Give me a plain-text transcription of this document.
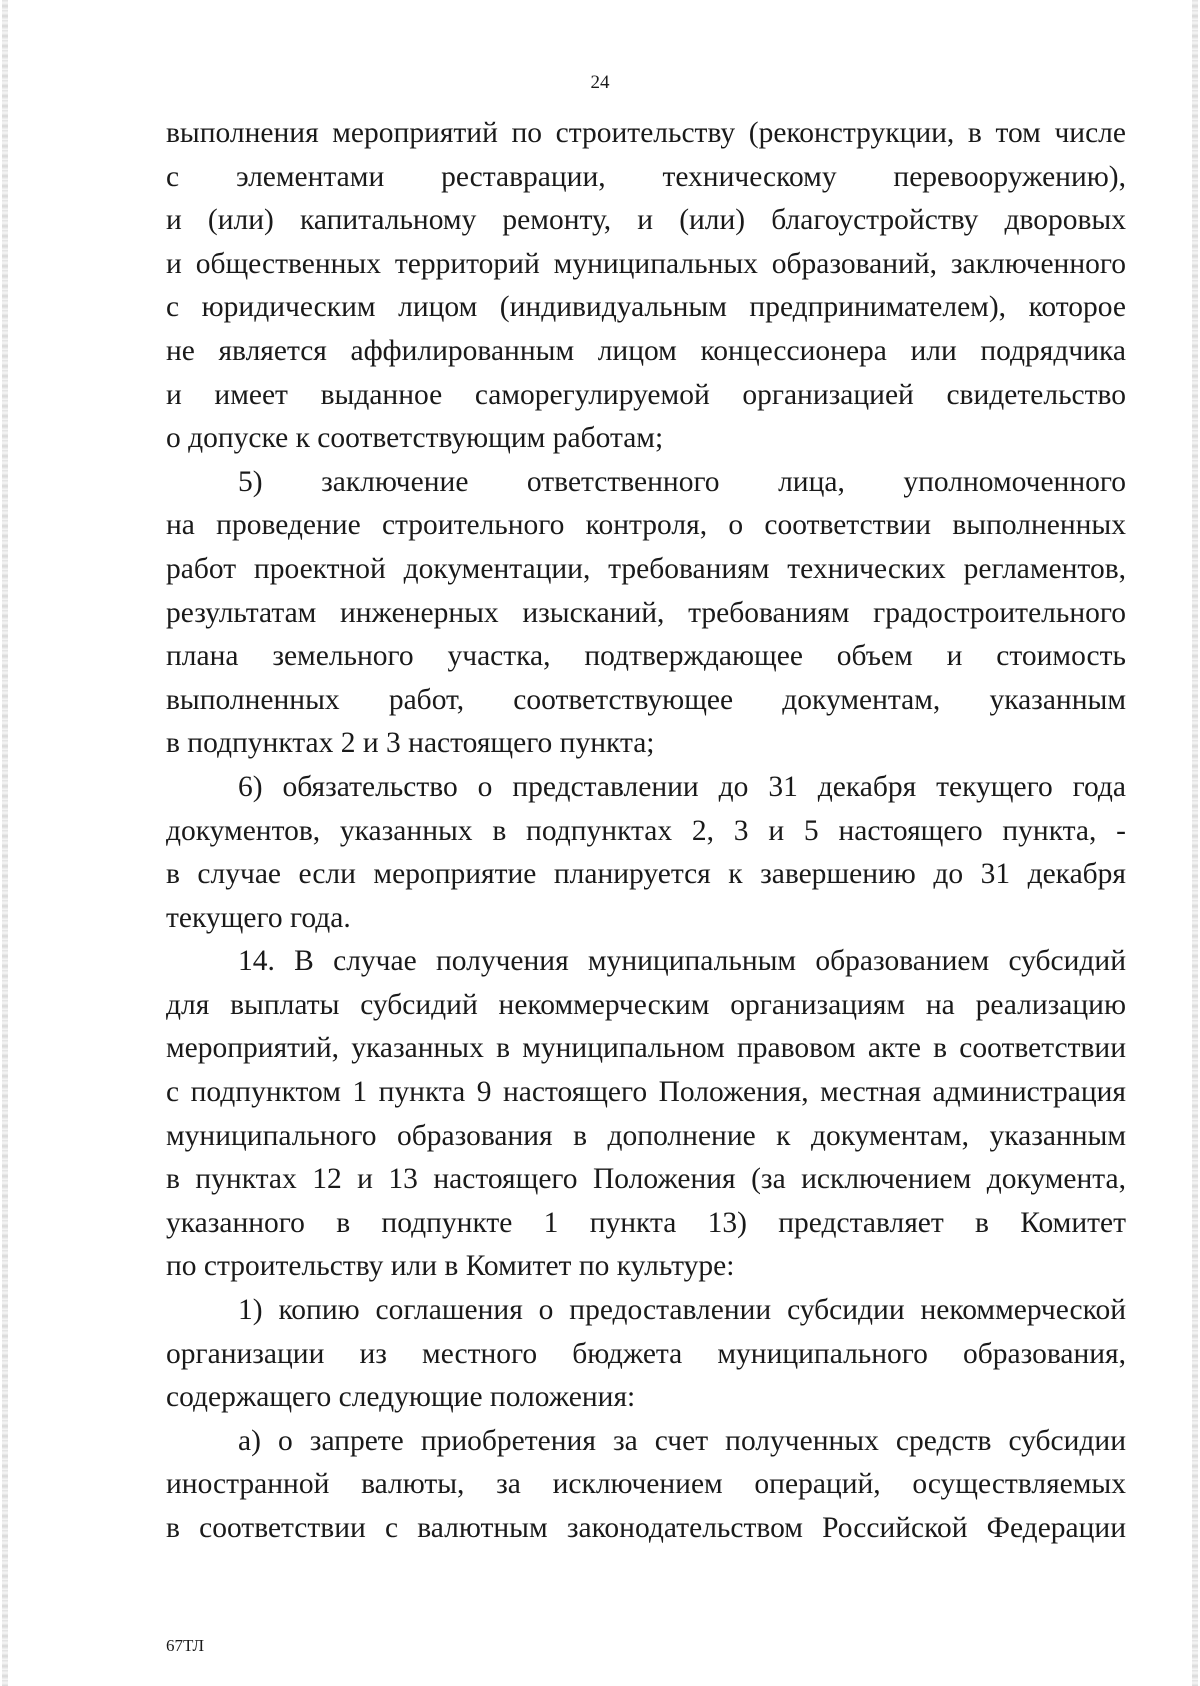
24

выполнения мероприятий по строительству (реконструкции, в том числе

с элементами реставрации, техническому перевооружению),

и (или) капитальному ремонту, и (или) благоустройству дворовых

и общественных территорий муниципальных образований, заключенного

с юридическим лицом (индивидуальным предпринимателем), которое

не является аффилированным лицом концессионера или подрядчика

и имеет выданное саморегулируемой организацией свидетельство

о допуске к соответствующим работам;

5) заключение ответственного лица, уполномоченного

на проведение строительного контроля, о соответствии выполненных

работ проектной документации, требованиям технических регламентов,

результатам инженерных изысканий, требованиям градостроительного

плана земельного участка, подтверждающее объем и стоимость

выполненных работ, соответствующее документам, указанным

в подпунктах 2 и 3 настоящего пункта;

6) обязательство о представлении до 31 декабря текущего года

документов, указанных в подпунктах 2, 3 и 5 настоящего пункта, -

в случае если мероприятие планируется к завершению до 31 декабря

текущего года.

14. В случае получения муниципальным образованием субсидий

для выплаты субсидий некоммерческим организациям на реализацию

мероприятий, указанных в муниципальном правовом акте в соответствии

с подпунктом 1 пункта 9 настоящего Положения, местная администрация

муниципального образования в дополнение к документам, указанным

в пунктах 12 и 13 настоящего Положения (за исключением документа,

указанного в подпункте 1 пункта 13) представляет в Комитет

по строительству или в Комитет по культуре:

1) копию соглашения о предоставлении субсидии некоммерческой

организации из местного бюджета муниципального образования,

содержащего следующие положения:

а) о запрете приобретения за счет полученных средств субсидии

иностранной валюты, за исключением операций, осуществляемых

в соответствии с валютным законодательством Российской Федерации

67ТЛ
